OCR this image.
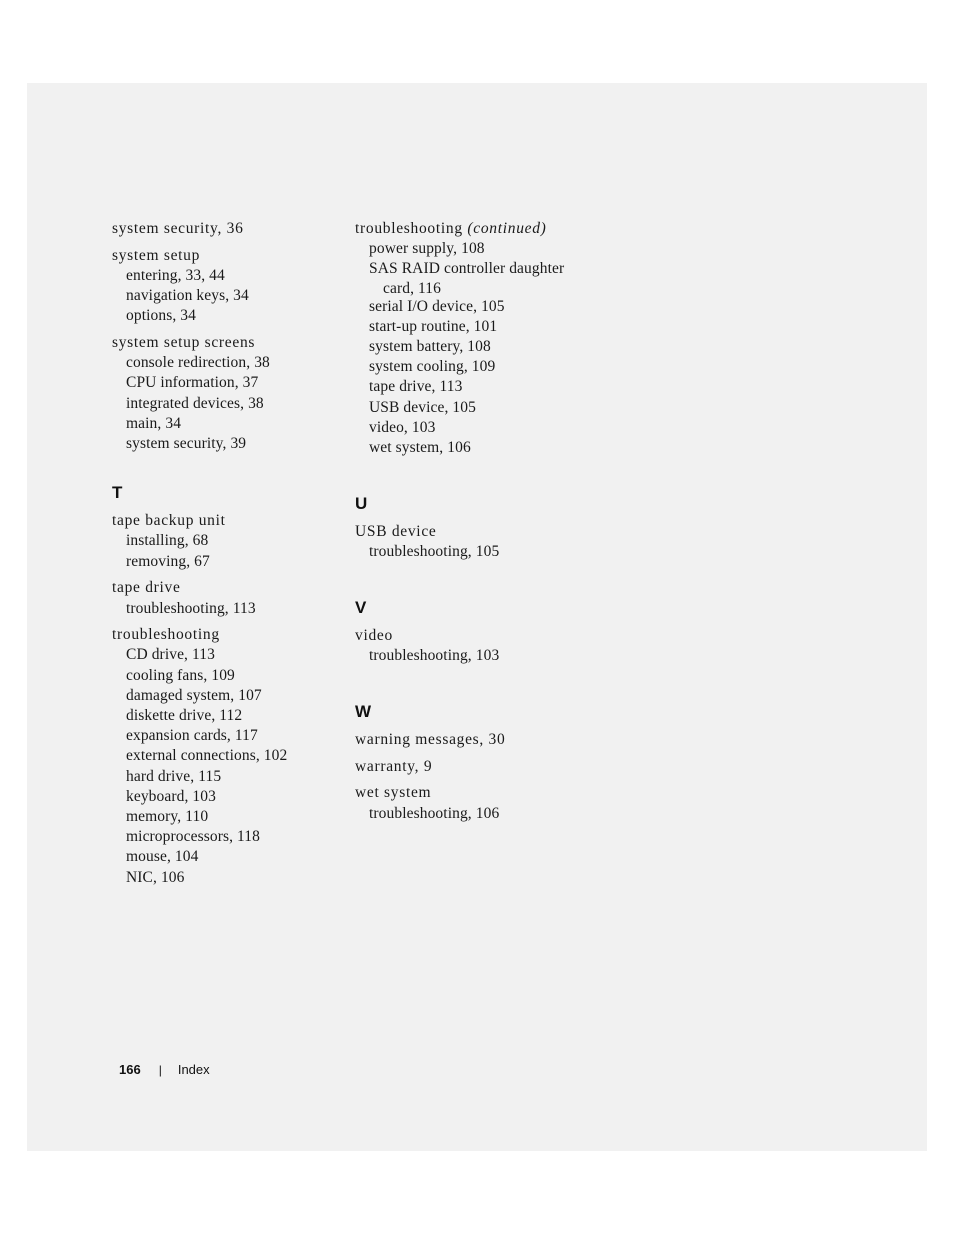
system security, 36
system setup
entering, 33, 44
navigation keys, 34
options, 34
system setup screens
console redirection, 38
CPU information, 37
integrated devices, 38
main, 34
system security, 39
T
tape backup unit
installing, 68
removing, 67
tape drive
troubleshooting, 113
troubleshooting
CD drive, 113
cooling fans, 109
damaged system, 107
diskette drive, 112
expansion cards, 117
external connections, 102
hard drive, 115
keyboard, 103
memory, 110
microprocessors, 118
mouse, 104
NIC, 106
troubleshooting (continued)
power supply, 108
SAS RAID controller daughter
card, 116
serial I/O device, 105
start-up routine, 101
system battery, 108
system cooling, 109
tape drive, 113
USB device, 105
video, 103
wet system, 106
U
USB device
troubleshooting, 105
V
video
troubleshooting, 103
W
warning messages, 30
warranty, 9
wet system
troubleshooting, 106
166 | Index
